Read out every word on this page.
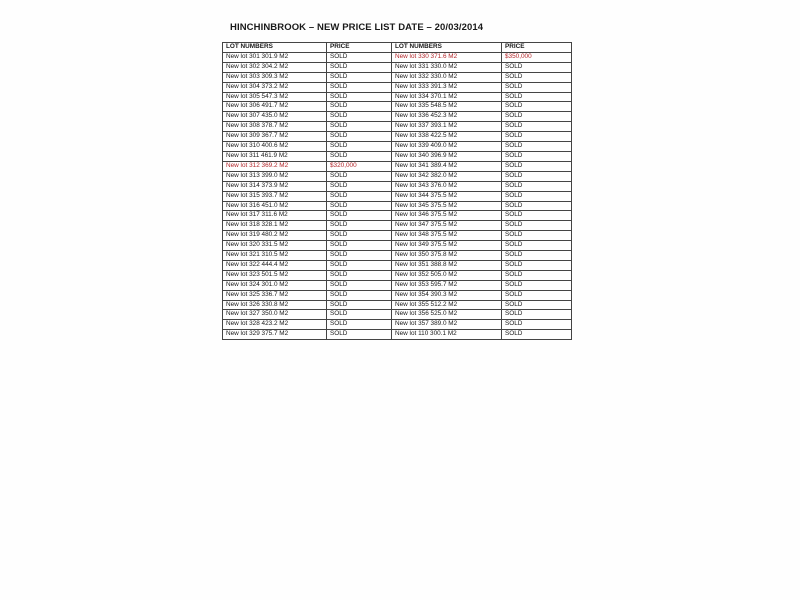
HINCHINBROOK – NEW PRICE LIST DATE – 20/03/2014
LOT NUMBERS	PRICE	LOT NUMBERS	PRICE
New lot 301 301.9 M2	SOLD	New lot 330 371.6 M2	$350,000
New lot 302 304.2 M2	SOLD	New lot 331 330.0 M2	SOLD
New lot 303 309.3 M2	SOLD	New lot 332 330.0 M2	SOLD
New lot 304 373.2 M2	SOLD	New lot 333 391.3 M2	SOLD
New lot 305 547.3 M2	SOLD	New lot 334 370.1 M2	SOLD
New lot 306 491.7 M2	SOLD	New lot 335 548.5 M2	SOLD
New lot 307 435.0 M2	SOLD	New lot 336 452.3 M2	SOLD
New lot 308 378.7 M2	SOLD	New lot 337 393.1 M2	SOLD
New lot 309 367.7 M2	SOLD	New lot 338 422.5 M2	SOLD
New lot 310 400.6 M2	SOLD	New lot 339 409.0 M2	SOLD
New lot 311 461.9 M2	SOLD	New lot 340 396.9 M2	SOLD
New lot 312 369.2 M2	$320,000	New lot 341 389.4 M2	SOLD
New lot 313 399.0 M2	SOLD	New lot 342 382.0 M2	SOLD
New lot 314 373.9 M2	SOLD	New lot 343 376.0 M2	SOLD
New lot 315 393.7 M2	SOLD	New lot 344 375.5 M2	SOLD
New lot 316 451.0 M2	SOLD	New lot 345 375.5 M2	SOLD
New lot 317 311.6 M2	SOLD	New lot 346 375.5 M2	SOLD
New lot 318 328.1 M2	SOLD	New lot 347 375.5 M2	SOLD
New lot 319 480.2 M2	SOLD	New lot 348 375.5 M2	SOLD
New lot 320 331.5 M2	SOLD	New lot 349 375.5 M2	SOLD
New lot 321 310.5 M2	SOLD	New lot 350 375.8 M2	SOLD
New lot 322 444.4 M2	SOLD	New lot 351 388.8 M2	SOLD
New lot 323 501.5 M2	SOLD	New lot 352 505.0 M2	SOLD
New lot 324 301.0 M2	SOLD	New lot 353 595.7 M2	SOLD
New lot 325 336.7 M2	SOLD	New lot 354 390.3 M2	SOLD
New lot 326 330.8 M2	SOLD	New lot 355 512.2 M2	SOLD
New lot 327 350.0 M2	SOLD	New lot 356 525.0 M2	SOLD
New lot 328 423.2 M2	SOLD	New lot 357 389.0 M2	SOLD
New lot 329 375.7 M2	SOLD	New lot 110 300.1 M2	SOLD
